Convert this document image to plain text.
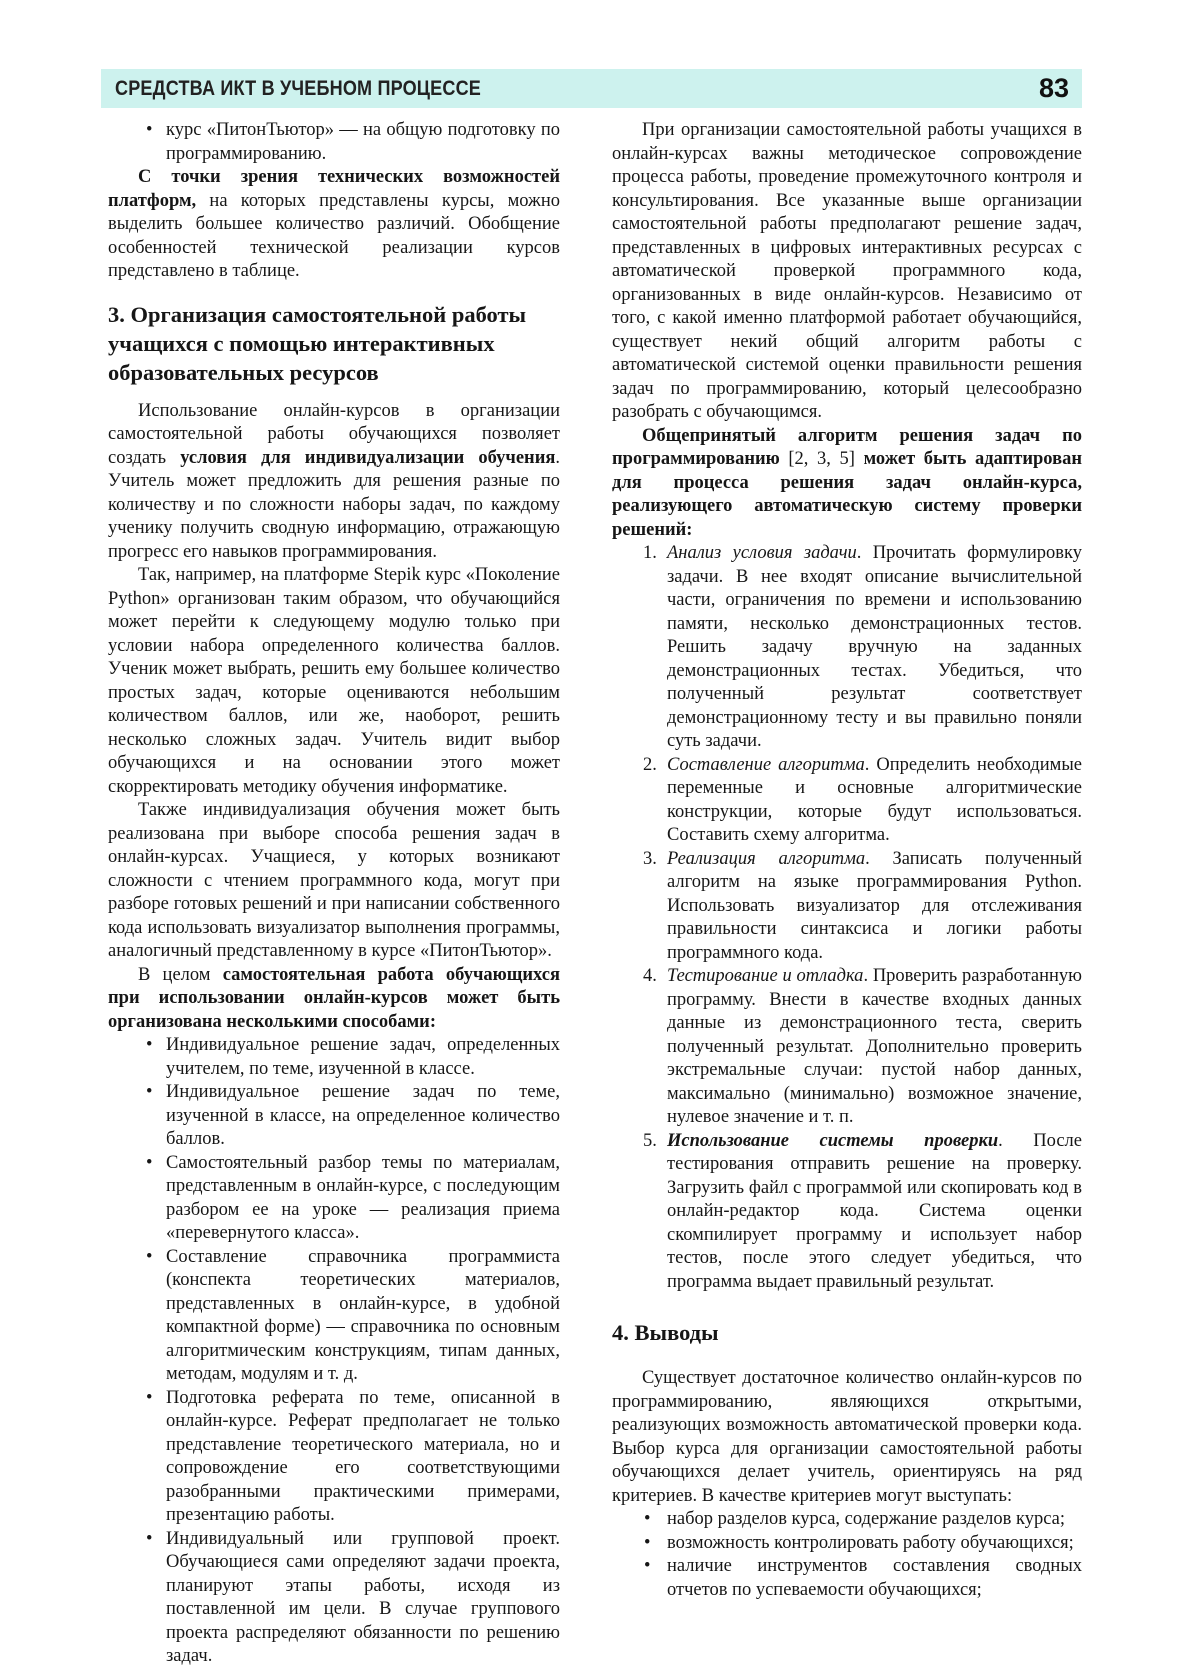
СРЕДСТВА ИКТ В УЧЕБНОМ ПРОЦЕССЕ	83
• курс «ПитонТьютор» — на общую подготовку по программированию.

С точки зрения технических возможностей платформ, на которых представлены курсы, можно выделить большее количество различий. Обобщение особенностей технической реализации курсов представлено в таблице.

3. Организация самостоятельной работы учащихся с помощью интерактивных образовательных ресурсов

Использование онлайн-курсов в организации самостоятельной работы обучающихся позволяет создать условия для индивидуализации обучения. Учитель может предложить для решения разные по количеству и по сложности наборы задач, по каждому ученику получить сводную информацию, отражающую прогресс его навыков программирования.

Так, например, на платформе Stepik курс «Поколение Python» организован таким образом, что обучающийся может перейти к следующему модулю только при условии набора определенного количества баллов. Ученик может выбрать, решить ему большее количество простых задач, которые оцениваются небольшим количеством баллов, или же, наоборот, решить несколько сложных задач. Учитель видит выбор обучающихся и на основании этого может скорректировать методику обучения информатике.

Также индивидуализация обучения может быть реализована при выборе способа решения задач в онлайн-курсах. Учащиеся, у которых возникают сложности с чтением программного кода, могут при разборе готовых решений и при написании собственного кода использовать визуализатор выполнения программы, аналогичный представленному в курсе «ПитонТьютор».

В целом самостоятельная работа обучающихся при использовании онлайн-курсов может быть организована несколькими способами:

• Индивидуальное решение задач, определенных учителем, по теме, изученной в классе.
• Индивидуальное решение задач по теме, изученной в классе, на определенное количество баллов.
• Самостоятельный разбор темы по материалам, представленным в онлайн-курсе, с последующим разбором ее на уроке — реализация приема «перевернутого класса».
• Составление справочника программиста (конспекта теоретических материалов, представленных в онлайн-курсе, в удобной компактной форме) — справочника по основным алгоритмическим конструкциям, типам данных, методам, модулям и т. д.
• Подготовка реферата по теме, описанной в онлайн-курсе. Реферат предполагает не только представление теоретического материала, но и сопровождение его соответствующими разобранными практическими примерами, презентацию работы.
• Индивидуальный или групповой проект. Обучающиеся сами определяют задачи проекта, планируют этапы работы, исходя из поставленной им цели. В случае группового проекта распределяют обязанности по решению задач.

При организации самостоятельной работы учащихся в онлайн-курсах важны методическое сопровождение процесса работы, проведение промежуточного контроля и консультирования. Все указанные выше организации самостоятельной работы предполагают решение задач, представленных в цифровых интерактивных ресурсах с автоматической проверкой программного кода, организованных в виде онлайн-курсов. Независимо от того, с какой именно платформой работает обучающийся, существует некий общий алгоритм работы с автоматической системой оценки правильности решения задач по программированию, который целесообразно разобрать с обучающимся.

Общепринятый алгоритм решения задач по программированию [2, 3, 5] может быть адаптирован для процесса решения задач онлайн-курса, реализующего автоматическую систему проверки решений:

1. Анализ условия задачи. Прочитать формулировку задачи. В нее входят описание вычислительной части, ограничения по времени и использованию памяти, несколько демонстрационных тестов. Решить задачу вручную на заданных демонстрационных тестах. Убедиться, что полученный результат соответствует демонстрационному тесту и вы правильно поняли суть задачи.
2. Составление алгоритма. Определить необходимые переменные и основные алгоритмические конструкции, которые будут использоваться. Составить схему алгоритма.
3. Реализация алгоритма. Записать полученный алгоритм на языке программирования Python. Использовать визуализатор для отслеживания правильности синтаксиса и логики работы программного кода.
4. Тестирование и отладка. Проверить разработанную программу. Внести в качестве входных данных данные из демонстрационного теста, сверить полученный результат. Дополнительно проверить экстремальные случаи: пустой набор данных, максимально (минимально) возможное значение, нулевое значение и т. п.
5. Использование системы проверки. После тестирования отправить решение на проверку. Загрузить файл с программой или скопировать код в онлайн-редактор кода. Система оценки скомпилирует программу и использует набор тестов, после этого следует убедиться, что программа выдает правильный результат.
4. Выводы

Существует достаточное количество онлайн-курсов по программированию, являющихся открытыми, реализующих возможность автоматической проверки кода. Выбор курса для организации самостоятельной работы обучающихся делает учитель, ориентируясь на ряд критериев. В качестве критериев могут выступать:

• набор разделов курса, содержание разделов курса;
• возможность контролировать работу обучающихся;
• наличие инструментов составления сводных отчетов по успеваемости обучающихся;
